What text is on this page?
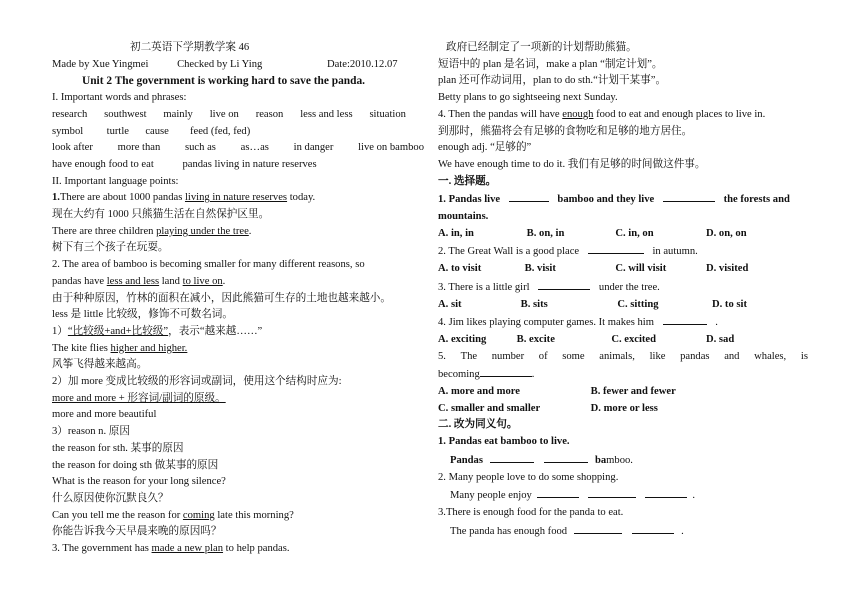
初二英语下学期教学案 46
Made by Xue Yingmei	Checked by Li Ying	Date:2010.12.07
Unit 2 The government is working hard to save the panda.
I. Important words and phrases:
research southwest mainly live on reason less and less situation
symbol turtle cause feed (fed, fed)
look after more than such as as…as in danger live on bamboo
have enough food to eat	pandas living in nature reserves
II. Important language points:
1.There are about 1000 pandas living in nature reserves today.
现在大约有 1000 只熊猫生活在自然保护区里。
There are three children playing under the tree.
树下有三个孩子在玩耍。
2. The area of bamboo is becoming smaller for many different reasons, so
pandas have less and less land to live on.
由于种种原因，竹林的面积在减小，因此熊猫可生存的土地也越来越小。
less 是 little 比较级，修饰不可数名词。
1）“比较级+and+比较级”，表示“越来越……”
The kite flies higher and higher.
风筝飞得越来越高。
2）加 more 变成比较级的形容词或副词，使用这个结构时应为:
more and more + 形容词/副词的原级。
more and more beautiful
3）reason n. 原因
the reason for sth. 某事的原因
the reason for doing sth 做某事的原因
What is the reason for your long silence?
什么原因使你沉默良久？
Can you tell me the reason for coming late this morning?
你能告诉我今天早晨来晚的原因吗？
3. The government has made a new plan to help pandas.
政府已经制定了一项新的计划帮助熊猫。
短语中的 plan 是名词，make a plan “制定计划”。
plan 还可作动词用，plan to do sth.“计划干某事”。
Betty plans to go sightseeing next Sunday.
4. Then the pandas will have enough food to eat and enough places to live in.
到那时，熊猫将会有足够的食物吃和足够的地方居住。
enough adj. “足够的”
We have enough time to do it. 我们有足够的时间做这件事。
一. 选择题。
1. Pandas live	bamboo and they live	the forests and
mountains.
A. in, in	B. on, in	C. in, on	D. on, on
2. The Great Wall is a good place	in autumn.
A. to visit	B. visit	C. will visit	D. visited
3. There is a little girl	under the tree.
A. sit	B. sits	C. sitting	D. to sit
4. Jim likes playing computer games. It makes him	.
A. exciting	B. excite	C. excited	D. sad
5. The number of some animals, like pandas and whales, is
becoming	.
A. more and more	B. fewer and fewer
C. smaller and smaller	D. more or less
二. 改为同义句。
1. Pandas eat bamboo to live.
Pandas	bamboo.
2. Many people love to do some shopping.
Many people enjoy	.
3.There is enough food for the panda to eat.
The panda has enough food	.
